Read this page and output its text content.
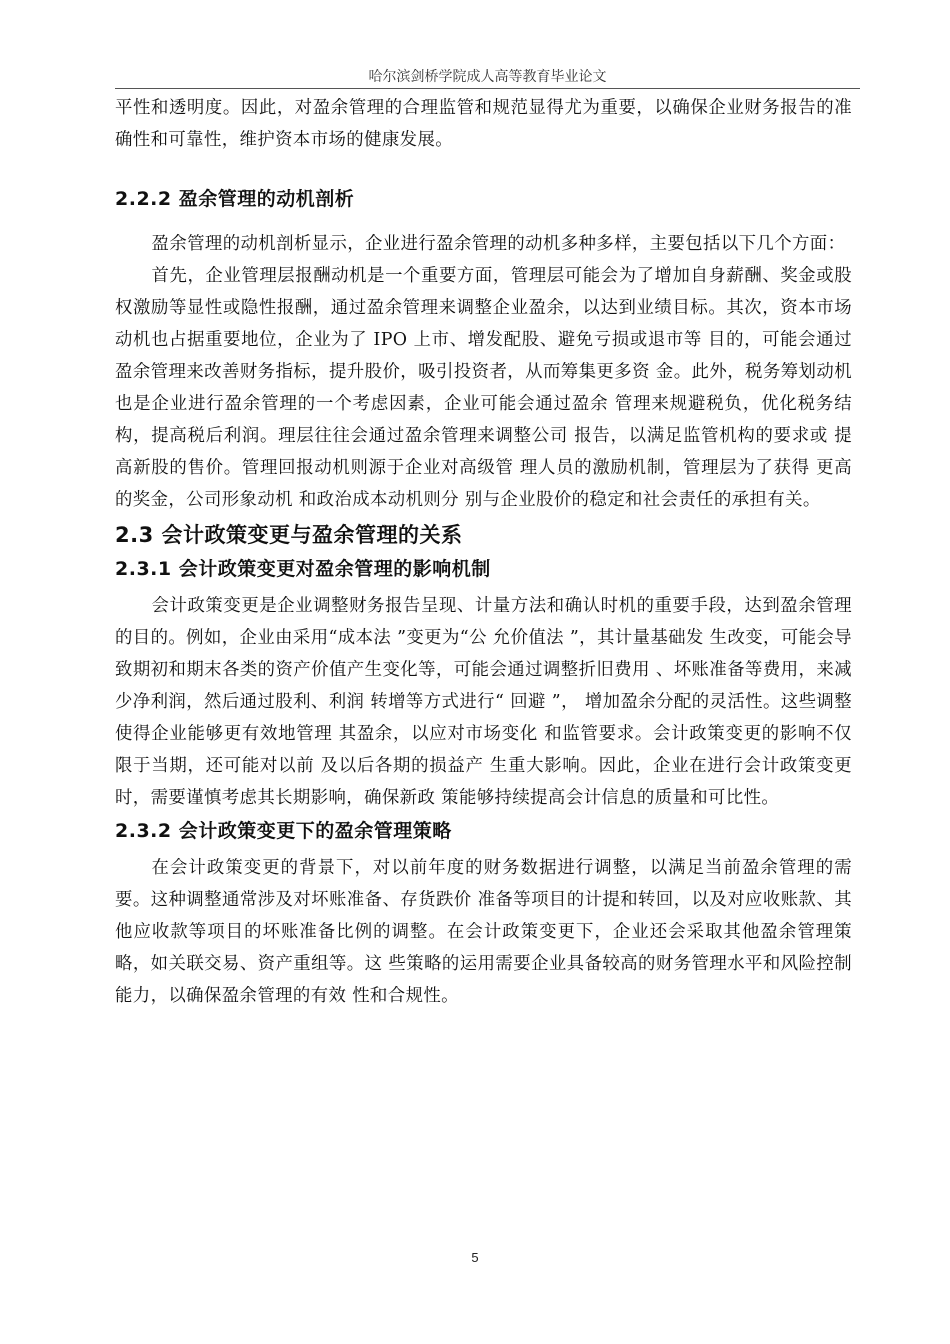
哈尔滨剑桥学院成人高等教育毕业论文

平性和透明度。因此，对盈余管理的合理监管和规范显得尤为重要，以确保企业财务报告的准确性和可靠性，维护资本市场的健康发展。

2.2.2 盈余管理的动机剖析

盈余管理的动机剖析显示，企业进行盈余管理的动机多种多样，主要包括以下几个方面：

首先，企业管理层报酬动机是一个重要方面，管理层可能会为了增加自身薪酬、奖金或股权激励等显性或隐性报酬，通过盈余管理来调整企业盈余，以达到业绩目标。其次，资本市场动机也占据重要地位，企业为了 IPO 上市、增发配股、避免亏损或退市等 目的，可能会通过盈余管理来改善财务指标，提升股价，吸引投资者，从而筹集更多资 金。此外，税务筹划动机也是企业进行盈余管理的一个考虑因素，企业可能会通过盈余 管理来规避税负，优化税务结构，提高税后利润。理层往往会通过盈余管理来调整公司 报告，以满足监管机构的要求或 提高新股的售价。管理回报动机则源于企业对高级管 理人员的激励机制，管理层为了获得 更高的奖金，公司形象动机 和政治成本动机则分 别与企业股价的稳定和社会责任的承担有关。

2.3 会计政策变更与盈余管理的关系
2.3.1 会计政策变更对盈余管理的影响机制

会计政策变更是企业调整财务报告呈现、计量方法和确认时机的重要手段，达到盈余管理的目的。例如，企业由采用“成本法 ”变更为“公 允价值法 ”，其计量基础发 生改变，可能会导致期初和期末各类的资产价值产生变化等，可能会通过调整折旧费用 、坏账准备等费用，来减少净利润，然后通过股利、利润 转增等方式进行“ 回避 ”， 增加盈余分配的灵活性。这些调整使得企业能够更有效地管理 其盈余，以应对市场变化 和监管要求。会计政策变更的影响不仅限于当期，还可能对以前 及以后各期的损益产 生重大影响。因此，企业在进行会计政策变更时，需要谨慎考虑其长期影响，确保新政 策能够持续提高会计信息的质量和可比性。

2.3.2 会计政策变更下的盈余管理策略

在会计政策变更的背景下，对以前年度的财务数据进行调整，以满足当前盈余管理的需要。这种调整通常涉及对坏账准备、存货跌价 准备等项目的计提和转回，以及对应收账款、其他应收款等项目的坏账准备比例的调整。在会计政策变更下，企业还会采取其他盈余管理策略，如关联交易、资产重组等。这 些策略的运用需要企业具备较高的财务管理水平和风险控制能力，以确保盈余管理的有效 性和合规性。

5
